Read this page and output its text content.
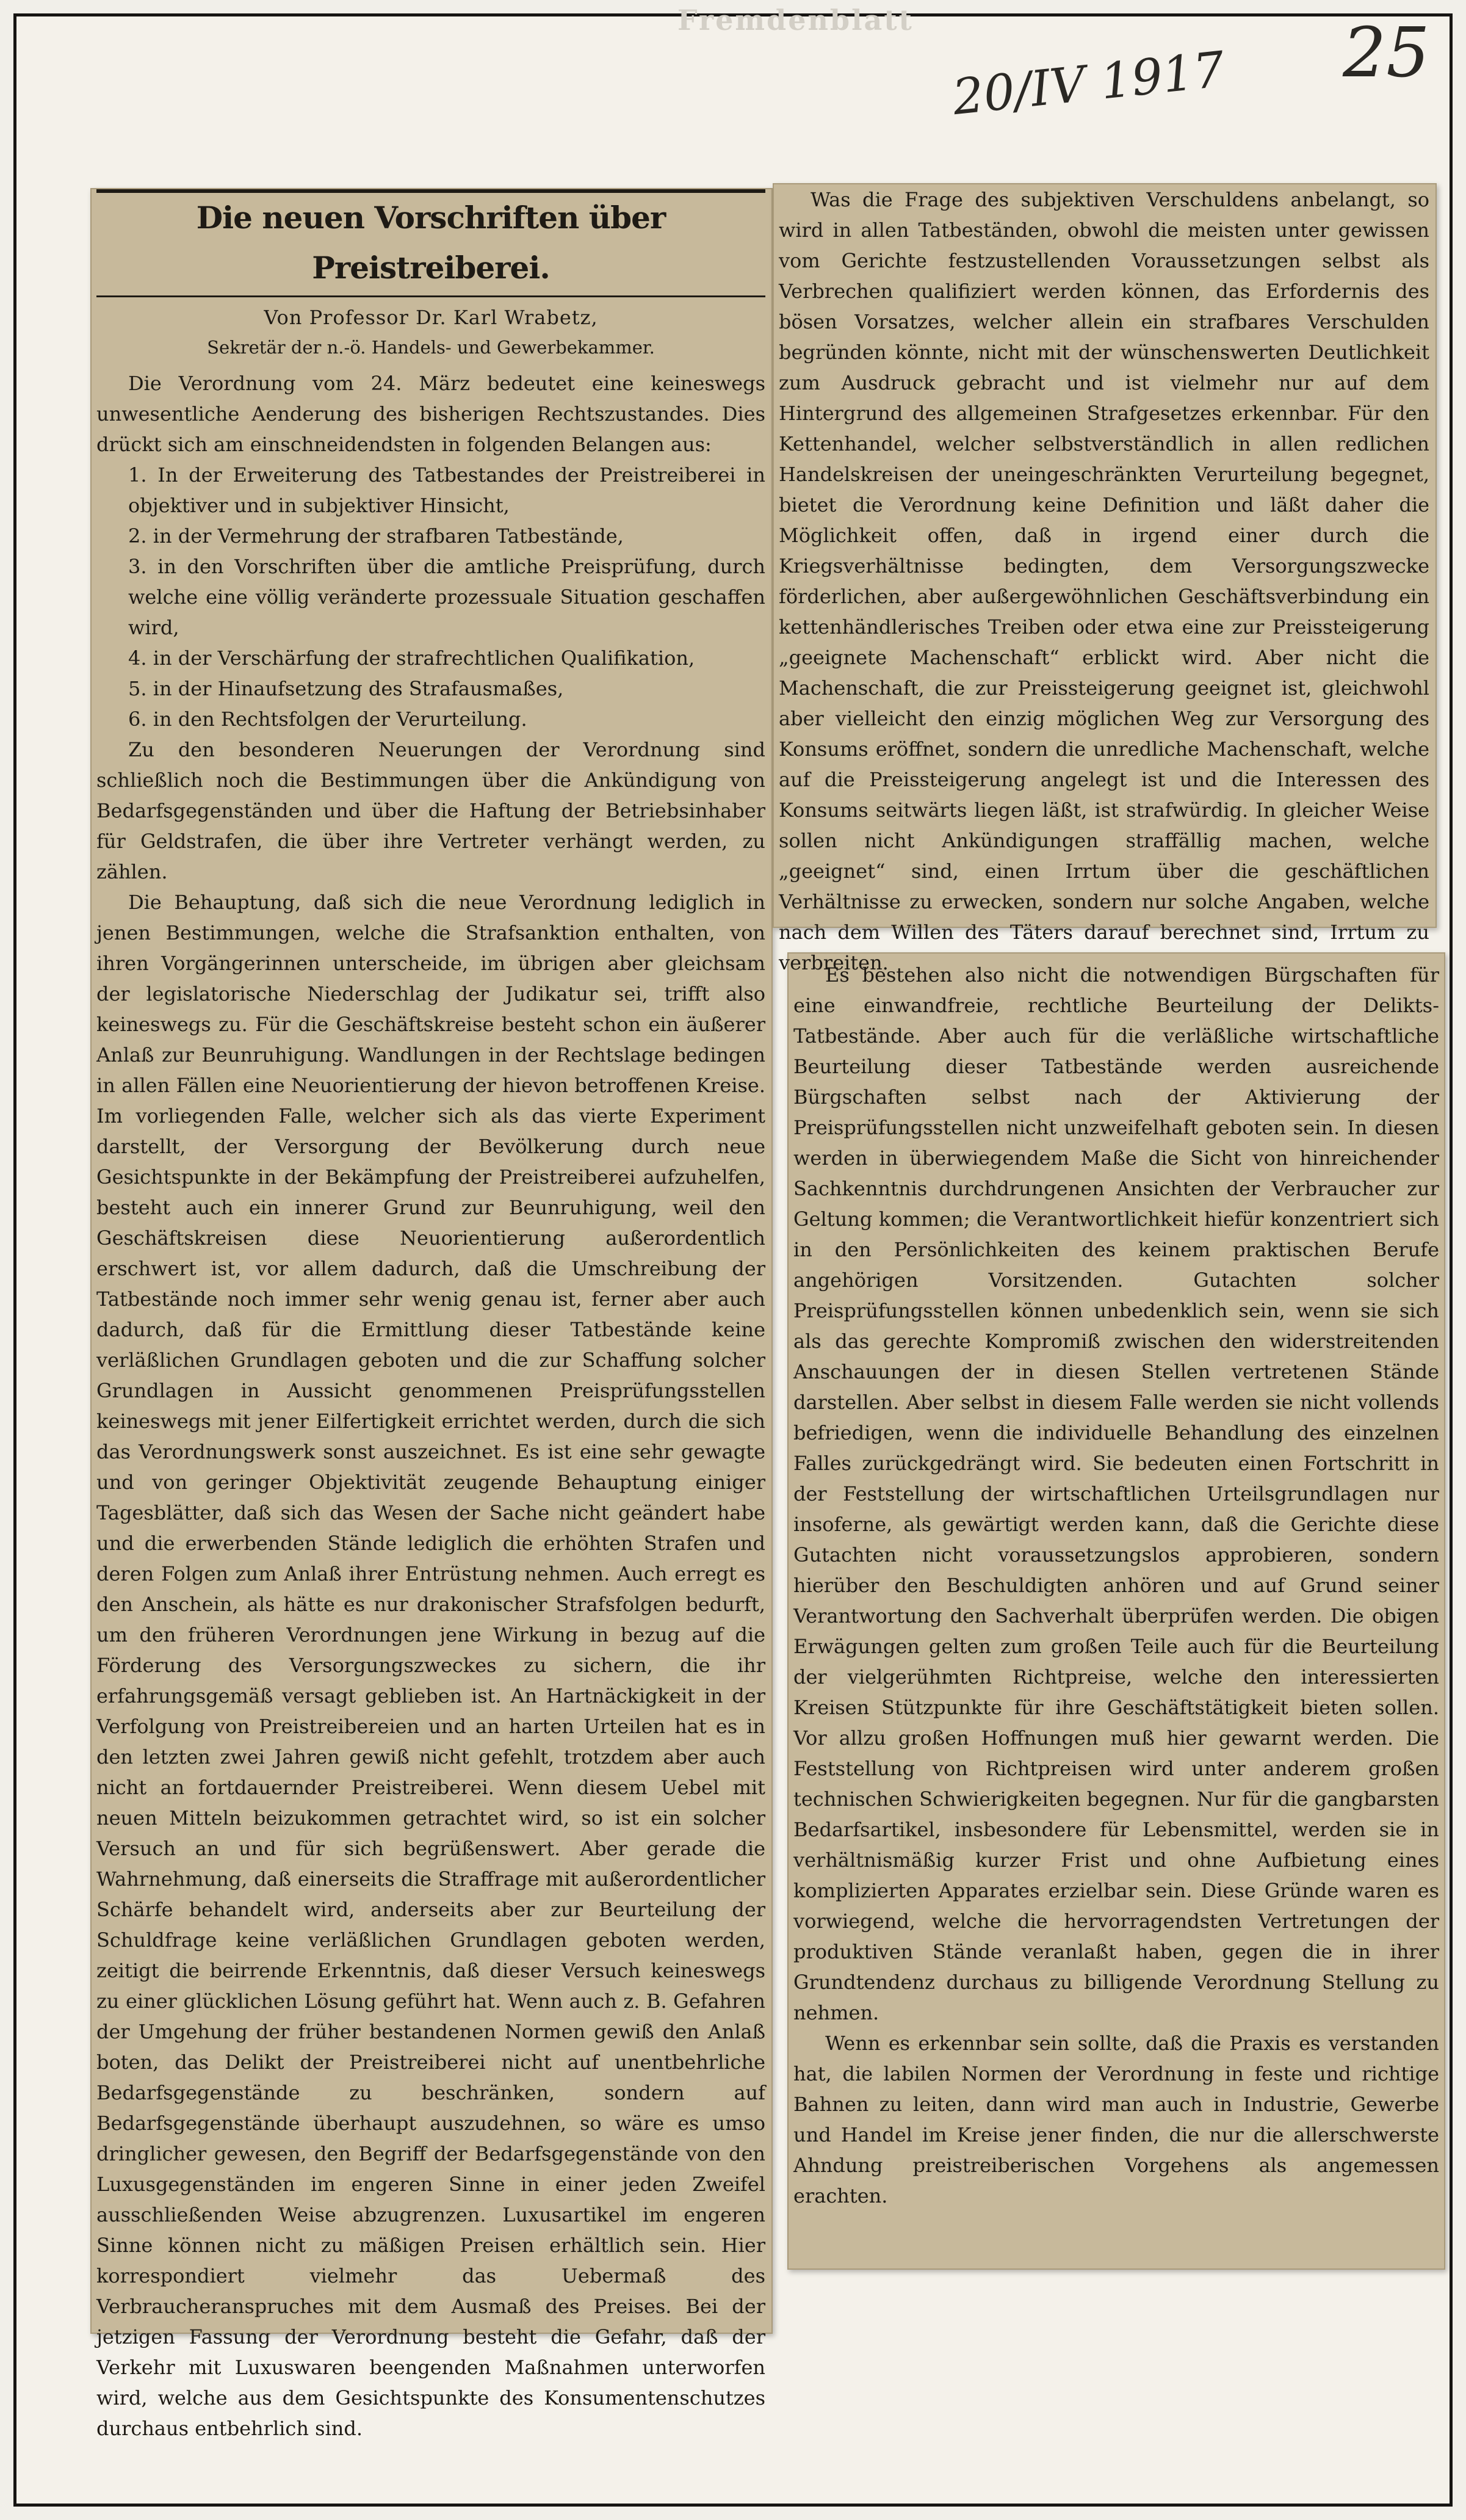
Fremdenblatt
20/IV 1917 25
Die neuen Vorschriften über Preistreiberei.
Von Professor Dr. Karl Wrabetz,
Sekretär der n.-ö. Handels- und Gewerbekammer.

Die Verordnung vom 24. März bedeutet eine keineswegs unwesentliche Aenderung des bisherigen Rechtszustandes. Dies drückt sich am einschneidendsten in folgenden Belangen aus:

1. In der Erweiterung des Tatbestandes der Preistreiberei in objektiver und in subjektiver Hinsicht,
2. in der Vermehrung der strafbaren Tatbestände,
3. in den Vorschriften über die amtliche Preisprüfung, durch welche eine völlig veränderte prozessuale Situation geschaffen wird,
4. in der Verschärfung der strafrechtlichen Qualifikation,
5. in der Hinaufsetzung des Strafausmaßes,
6. in den Rechtsfolgen der Verurteilung.

Zu den besonderen Neuerungen der Verordnung sind schließlich noch die Bestimmungen über die Ankündigung von Bedarfsgegenständen und über die Haftung der Betriebsinhaber für Geldstrafen, die über ihre Vertreter verhängt werden, zu zählen.

Die Behauptung, daß sich die neue Verordnung lediglich in jenen Bestimmungen, welche die Strafsanktion enthalten, von ihren Vorgängerinnen unterscheide, im übrigen aber gleichsam der legislatorische Niederschlag der Judikatur sei, trifft also keineswegs zu. Für die Geschäftskreise besteht schon ein äußerer Anlaß zur Beunruhigung. Wandlungen in der Rechtslage bedingen in allen Fällen eine Neuorientierung der hievon betroffenen Kreise. Im vorliegenden Falle, welcher sich als das vierte Experiment darstellt, der Versorgung der Bevölkerung durch neue Gesichtspunkte in der Bekämpfung der Preistreiberei aufzuhelfen, besteht auch ein innerer Grund zur Beunruhigung, weil den Geschäftskreisen diese Neuorientierung außerordentlich erschwert ist, vor allem dadurch, daß die Umschreibung der Tatbestände noch immer sehr wenig genau ist, ferner aber auch dadurch, daß für die Ermittlung dieser Tatbestände keine verläßlichen Grundlagen geboten und die zur Schaffung solcher Grundlagen in Aussicht genommenen Preisprüfungsstellen keineswegs mit jener Eilfertigkeit errichtet werden, durch die sich das Verordnungswerk sonst auszeichnet. Es ist eine sehr gewagte und von geringer Objektivität zeugende Behauptung einiger Tagesblätter, daß sich das Wesen der Sache nicht geändert habe und die erwerbenden Stände lediglich die erhöhten Strafen und deren Folgen zum Anlaß ihrer Entrüstung nehmen. Auch erregt es den Anschein, als hätte es nur drakonischer Strafsfolgen bedurft, um den früheren Verordnungen jene Wirkung in bezug auf die Förderung des Versorgungszweckes zu sichern, die ihr erfahrungsgemäß versagt geblieben ist. An Hartnäckigkeit in der Verfolgung von Preistreibereien und an harten Urteilen hat es in den letzten zwei Jahren gewiß nicht gefehlt, trotzdem aber auch nicht an fortdauernder Preistreiberei. Wenn diesem Uebel mit neuen Mitteln beizukommen getrachtet wird, so ist ein solcher Versuch an und für sich begrüßenswert. Aber gerade die Wahrnehmung, daß einerseits die Straffrage mit außerordentlicher Schärfe behandelt wird, anderseits aber zur Beurteilung der Schuldfrage keine verläßlichen Grundlagen geboten werden, zeitigt die beirrende Erkenntnis, daß dieser Versuch keineswegs zu einer glücklichen Lösung geführt hat. Wenn auch z. B. Gefahren der Umgehung der früher bestandenen Normen gewiß den Anlaß boten, das Delikt der Preistreiberei nicht auf unentbehrliche Bedarfsgegenstände zu beschränken, sondern auf Bedarfsgegenstände überhaupt auszudehnen, so wäre es umso dringlicher gewesen, den Begriff der Bedarfsgegenstände von den Luxusgegenständen im engeren Sinne in einer jeden Zweifel ausschließenden Weise abzugrenzen. Luxusartikel im engeren Sinne können nicht zu mäßigen Preisen erhältlich sein. Hier korrespondiert vielmehr das Uebermaß des Verbraucheranspruches mit dem Ausmaß des Preises. Bei der jetzigen Fassung der Verordnung besteht die Gefahr, daß der Verkehr mit Luxuswaren beengenden Maßnahmen unterworfen wird, welche aus dem Gesichtspunkte des Konsumentenschutzes durchaus entbehrlich sind.

Was die Frage des subjektiven Verschuldens anbelangt, so wird in allen Tatbeständen, obwohl die meisten unter gewissen vom Gerichte festzustellenden Voraussetzungen selbst als Verbrechen qualifiziert werden können, das Erfordernis des bösen Vorsatzes, welcher allein ein strafbares Verschulden begründen könnte, nicht mit der wünschenswerten Deutlichkeit zum Ausdruck gebracht und ist vielmehr nur auf dem Hintergrund des allgemeinen Strafgesetzes erkennbar. Für den Kettenhandel, welcher selbstverständlich in allen redlichen Handelskreisen der uneingeschränkten Verurteilung begegnet, bietet die Verordnung keine Definition und läßt daher die Möglichkeit offen, daß in irgend einer durch die Kriegsverhältnisse bedingten, dem Versorgungszwecke förderlichen, aber außergewöhnlichen Geschäftsverbindung ein kettenhändlerisches Treiben oder etwa eine zur Preissteigerung „geeignete Machenschaft“ erblickt wird. Aber nicht die Machenschaft, die zur Preissteigerung geeignet ist, gleichwohl aber vielleicht den einzig möglichen Weg zur Versorgung des Konsums eröffnet, sondern die unredliche Machenschaft, welche auf die Preissteigerung angelegt ist und die Interessen des Konsums seitwärts liegen läßt, ist strafwürdig. In gleicher Weise sollen nicht Ankündigungen straffällig machen, welche „geeignet“ sind, einen Irrtum über die geschäftlichen Verhältnisse zu erwecken, sondern nur solche Angaben, welche nach dem Willen des Täters darauf berechnet sind, Irrtum zu verbreiten.

Es bestehen also nicht die notwendigen Bürgschaften für eine einwandfreie, rechtliche Beurteilung der Delikts-Tatbestände. Aber auch für die verläßliche wirtschaftliche Beurteilung dieser Tatbestände werden ausreichende Bürgschaften selbst nach der Aktivierung der Preisprüfungsstellen nicht unzweifelhaft geboten sein. In diesen werden in überwiegendem Maße die Sicht von hinreichender Sachkenntnis durchdrungenen Ansichten der Verbraucher zur Geltung kommen; die Verantwortlichkeit hiefür konzentriert sich in den Persönlichkeiten des keinem praktischen Berufe angehörigen Vorsitzenden. Gutachten solcher Preisprüfungsstellen können unbedenklich sein, wenn sie sich als das gerechte Kompromiß zwischen den widerstreitenden Anschauungen der in diesen Stellen vertretenen Stände darstellen. Aber selbst in diesem Falle werden sie nicht vollends befriedigen, wenn die individuelle Behandlung des einzelnen Falles zurückgedrängt wird. Sie bedeuten einen Fortschritt in der Feststellung der wirtschaftlichen Urteilsgrundlagen nur insoferne, als gewärtigt werden kann, daß die Gerichte diese Gutachten nicht voraussetzungslos approbieren, sondern hierüber den Beschuldigten anhören und auf Grund seiner Verantwortung den Sachverhalt überprüfen werden. Die obigen Erwägungen gelten zum großen Teile auch für die Beurteilung der vielgerühmten Richtpreise, welche den interessierten Kreisen Stützpunkte für ihre Geschäftstätigkeit bieten sollen. Vor allzu großen Hoffnungen muß hier gewarnt werden. Die Feststellung von Richtpreisen wird unter anderem großen technischen Schwierigkeiten begegnen. Nur für die gangbarsten Bedarfsartikel, insbesondere für Lebensmittel, werden sie in verhältnismäßig kurzer Frist und ohne Aufbietung eines komplizierten Apparates erzielbar sein. Diese Gründe waren es vorwiegend, welche die hervorragendsten Vertretungen der produktiven Stände veranlaßt haben, gegen die in ihrer Grundtendenz durchaus zu billigende Verordnung Stellung zu nehmen.

Wenn es erkennbar sein sollte, daß die Praxis es verstanden hat, die labilen Normen der Verordnung in feste und richtige Bahnen zu leiten, dann wird man auch in Industrie, Gewerbe und Handel im Kreise jener finden, die nur die allerschwerste Ahndung preistreiberischen Vorgehens als angemessen erachten.
